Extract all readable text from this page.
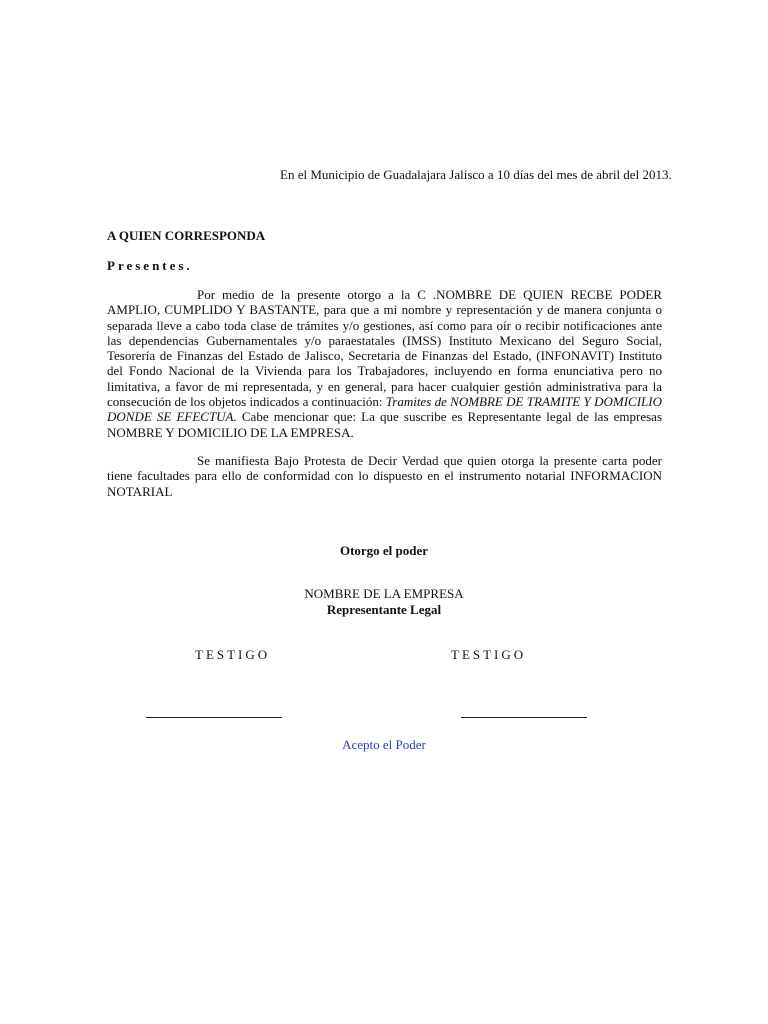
En el Municipio de Guadalajara Jalisco a 10 días del mes de abril del 2013.
A QUIEN CORRESPONDA
Presentes.
Por medio de la presente otorgo a la C .NOMBRE DE QUIEN RECBE PODER AMPLIO, CUMPLIDO Y BASTANTE, para que a mi nombre y representación y de manera conjunta o separada lleve a cabo toda clase de trámites y/o gestiones, así como para oír o recibir notificaciones ante las dependencias Gubernamentales y/o paraestatales (IMSS) Instituto Mexicano del Seguro Social, Tesorería de Finanzas del Estado de Jalisco, Secretaria de Finanzas del Estado, (INFONAVIT) Instituto del Fondo Nacional de la Vivienda para los Trabajadores, incluyendo en forma enunciativa pero no limitativa, a favor de mi representada, y en general, para hacer cualquier gestión administrativa para la consecución de los objetos indicados a continuación: Tramites de NOMBRE DE TRAMITE Y DOMICILIO DONDE SE EFECTUA. Cabe mencionar que: La que suscribe es Representante legal de las empresas NOMBRE Y DOMICILIO DE LA EMPRESA.
Se manifiesta Bajo Protesta de Decir Verdad que quien otorga la presente carta poder tiene facultades para ello de conformidad con lo dispuesto en el instrumento notarial INFORMACION NOTARIAL
Otorgo el poder
NOMBRE DE LA EMPRESA
Representante Legal
TESTIGO	TESTIGO
Acepto el Poder
